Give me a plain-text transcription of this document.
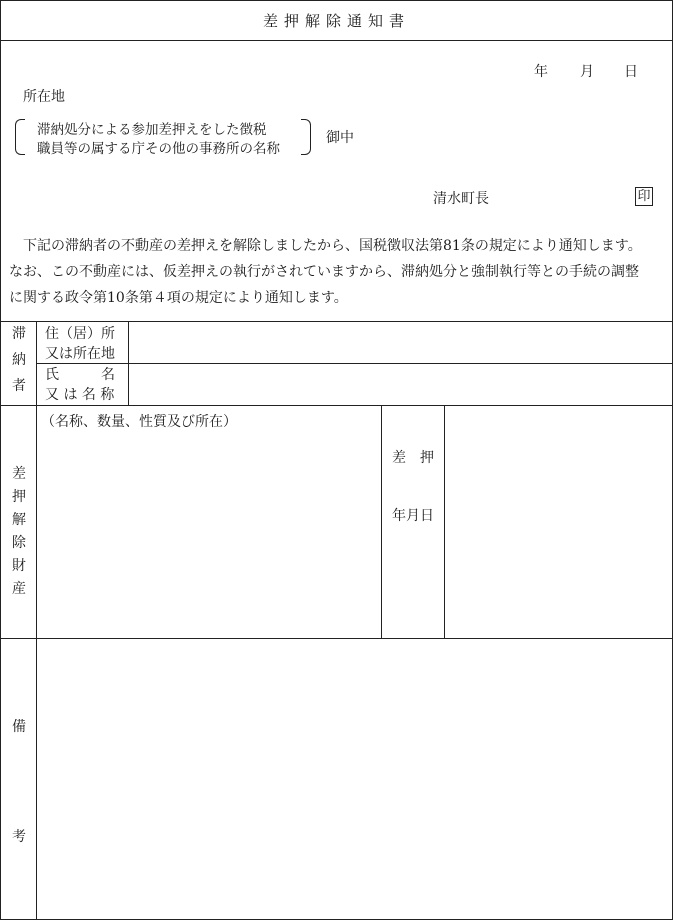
差押解除通知書
年 月 日
所在地
滞納処分による参加差押えをした徴税
職員等の属する庁その他の事務所の名称
御中
清水町長	印
下記の滞納者の不動産の差押えを解除しましたから、国税徴収法第81条の規定により通知します。
なお、この不動産には、仮差押えの執行がされていますから、滞納処分と強制執行等との手続の調整
に関する政令第10条第４項の規定により通知します。
滞
納
者
住（居）所
又は所在地
氏　　　名
又 は 名 称
差
押
解
除
財
産
（名称、数量、性質及び所在）
差　押
年月日
備
考
